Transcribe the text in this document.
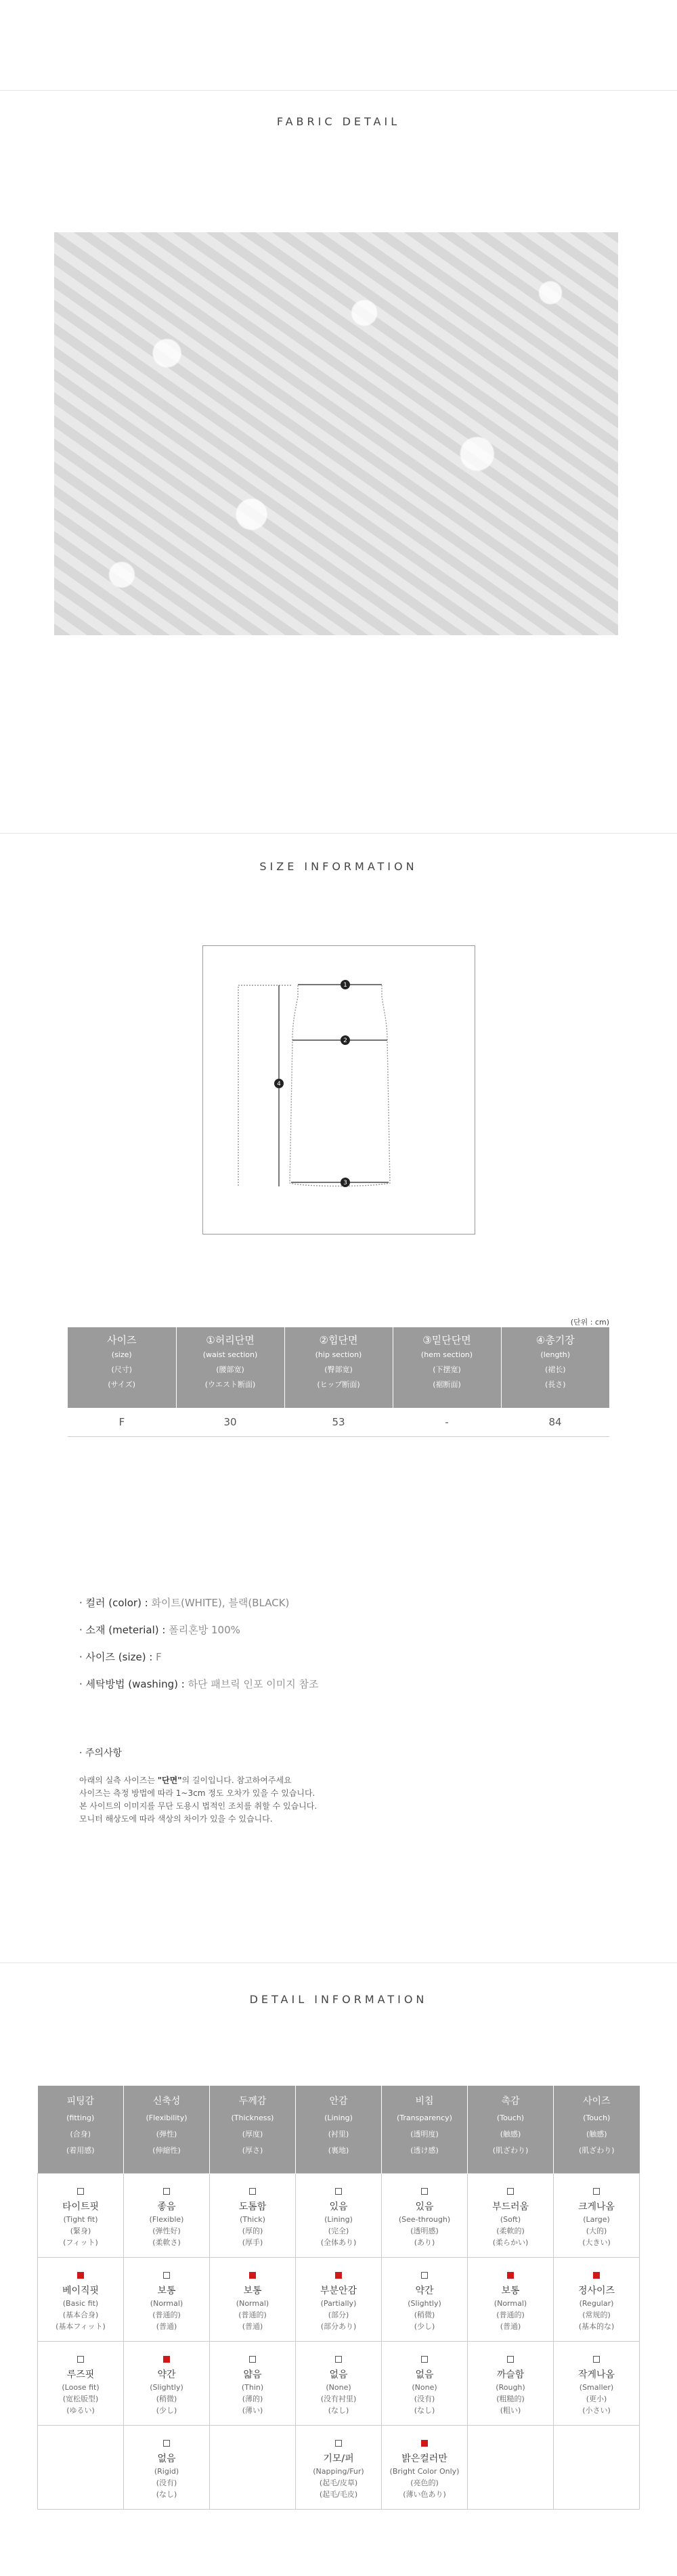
FABRIC DETAIL
SIZE INFORMATION
1
2
3
4
(단위 : cm)
사이즈
(size)
(尺寸)
(サイズ)	①허리단면
(waist section)
(腰部宽)
(ウエスト断面)	②힙단면
(hip section)
(臀部宽)
(ヒップ断面)	③밑단단면
(hem section)
(下摆宽)
(裾断面)	④총기장
(length)
(裙长)
(長さ)

F	30	53	-	84
· 컬러 (color) : 화이트(WHITE), 블랙(BLACK)
· 소재 (meterial) : 폴리혼방 100%
· 사이즈 (size) : F
· 세탁방법 (washing) : 하단 패브릭 인포 이미지 참조
· 주의사항
아래의 실측 사이즈는 "단면"의 길이입니다. 참고하여주세요
사이즈는 측정 방법에 따라 1~3cm 정도 오차가 있을 수 있습니다.
본 사이트의 이미지를 무단 도용시 법적인 조치를 취할 수 있습니다.
모니터 해상도에 따라 색상의 차이가 있을 수 있습니다.
DETAIL INFORMATION
피팅감
(fitting)
(合身)
(着用感)	신축성
(Flexibility)
(弹性)
(伸縮性)	두께감
(Thickness)
(厚度)
(厚さ)	안감
(Lining)
(衬里)
(裏地)	비침
(Transparency)
(透明度)
(透け感)	촉감
(Touch)
(触感)
(肌ざわり)	사이즈
(Touch)
(触感)
(肌ざわり)

타이트핏
(Tight fit)
(緊身)
(フィット)	좋음
(Flexible)
(弹性好)
(柔軟さ)	도톰함
(Thick)
(厚的)
(厚手)	있음
(Lining)
(完全)
(全体あり)	있음
(See-through)
(透明感)
(あり)	부드러움
(Soft)
(柔軟的)
(柔らかい)	크게나옴
(Large)
(大的)
(大きい)

베이직핏
(Basic fit)
(基本合身)
(基本フィット)	보통
(Normal)
(普通的)
(普通)	보통
(Normal)
(普通的)
(普通)	부분안감
(Partially)
(部分)
(部分あり)	약간
(Slightly)
(稍微)
(少し)	보통
(Normal)
(普通的)
(普通)	정사이즈
(Regular)
(常规的)
(基本的な)

루즈핏
(Loose fit)
(宽松版型)
(ゆるい)	약간
(Slightly)
(稍微)
(少し)	얇음
(Thin)
(薄的)
(薄い)	없음
(None)
(没有衬里)
(なし)	없음
(None)
(没有)
(なし)	까슬함
(Rough)
(粗糙的)
(粗い)	작게나옴
(Smaller)
(更小)
(小さい)

	없음
(Rigid)
(没有)
(なし)		기모/퍼
(Napping/Fur)
(起毛/皮草)
(起毛/毛皮)	밝은컬러만
(Bright Color Only)
(亮色的)
(薄い色あり)		
